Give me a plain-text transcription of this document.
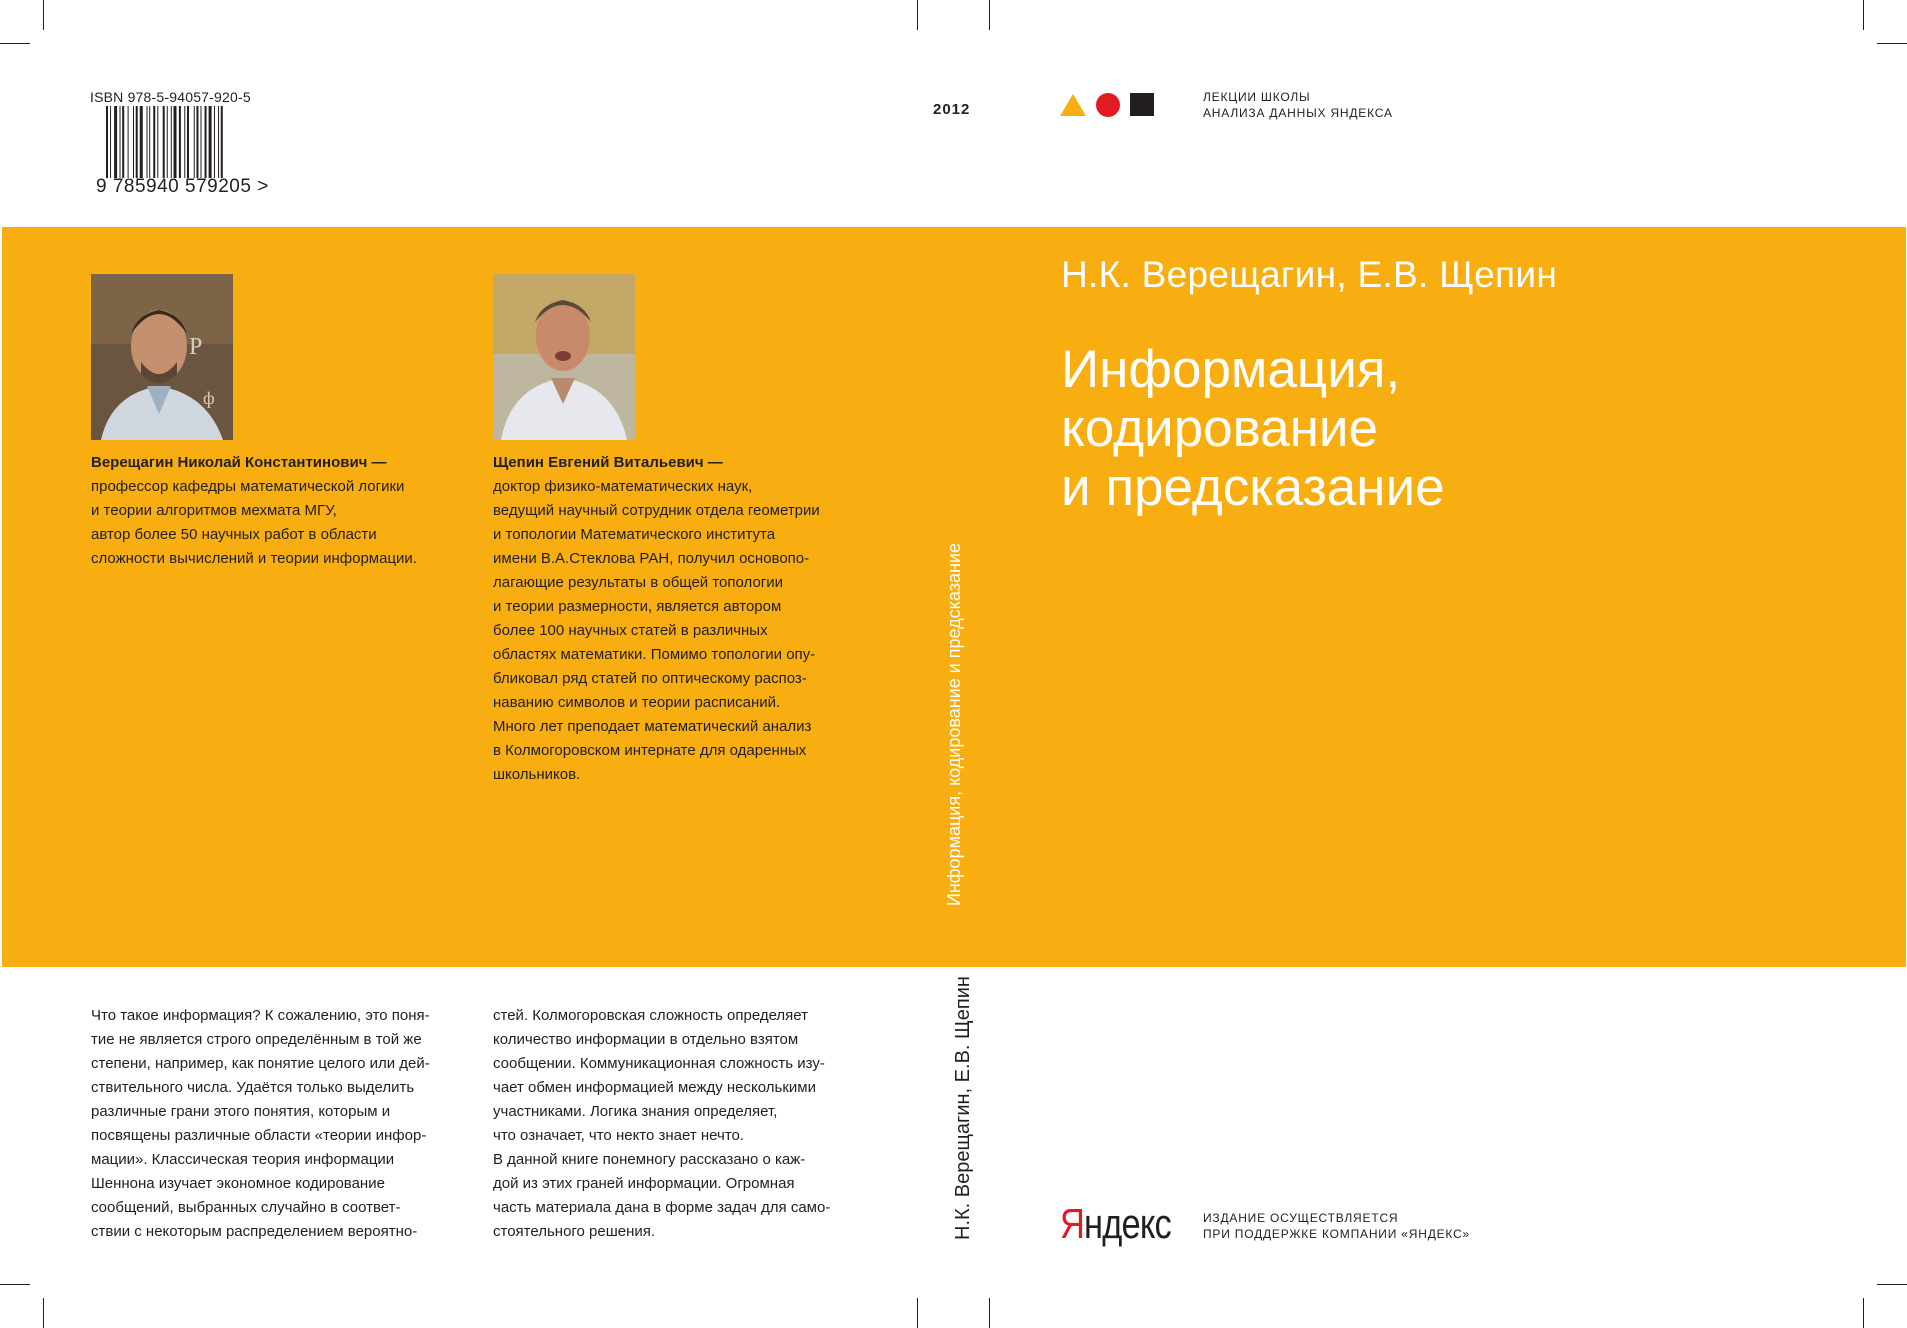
ISBN 978-5-94057-920-5
9 785940 579205 >
2012
ЛЕКЦИИ ШКОЛЫ
АНАЛИЗА ДАННЫХ ЯНДЕКСА
P
ф
Верещагин Николай Константинович —
профессор кафедры математической логики
и теории алгоритмов мехмата МГУ,
автор более 50 научных работ в области
сложности вычислений и теории информации.
Щепин Евгений Витальевич —
доктор физико-математических наук,
ведущий научный сотрудник отдела геометрии
и топологии Математического института
имени В.А.Стеклова РАН, получил основопо-
лагающие результаты в общей топологии
и теории размерности, является автором
более 100 научных статей в различных
областях математики. Помимо топологии опу-
бликовал ряд статей по оптическому распоз-
наванию символов и теории расписаний.
Много лет преподает математический анализ
в Колмогоровском интернате для одаренных
школьников.
Н.К. Верещагин, Е.В. Щепин
Информация,
кодирование
и предсказание
Информация, кодирование и предсказание
Н.К. Верещагин, Е.В. Щепин
Что такое информация? К сожалению, это поня-
тие не является строго определённым в той же
степени, например, как понятие целого или дей-
ствительного числа. Удаётся только выделить
различные грани этого понятия, которым и
посвящены различные области «теории инфор-
мации». Классическая теория информации
Шеннона изучает экономное кодирование
сообщений, выбранных случайно в соответ-
ствии с некоторым распределением вероятно-
стей. Колмогоровская сложность определяет
количество информации в отдельно взятом
сообщении. Коммуникационная сложность изу-
чает обмен информацией между несколькими
участниками. Логика знания определяет,
что означает, что некто знает нечто.
В данной книге понемногу рассказано о каж-
дой из этих граней информации. Огромная
часть материала дана в форме задач для само-
стоятельного решения.	Яндекс	ИЗДАНИЕ ОСУЩЕСТВЛЯЕТСЯ
ПРИ ПОДДЕРЖКЕ КОМПАНИИ «ЯНДЕКС»
